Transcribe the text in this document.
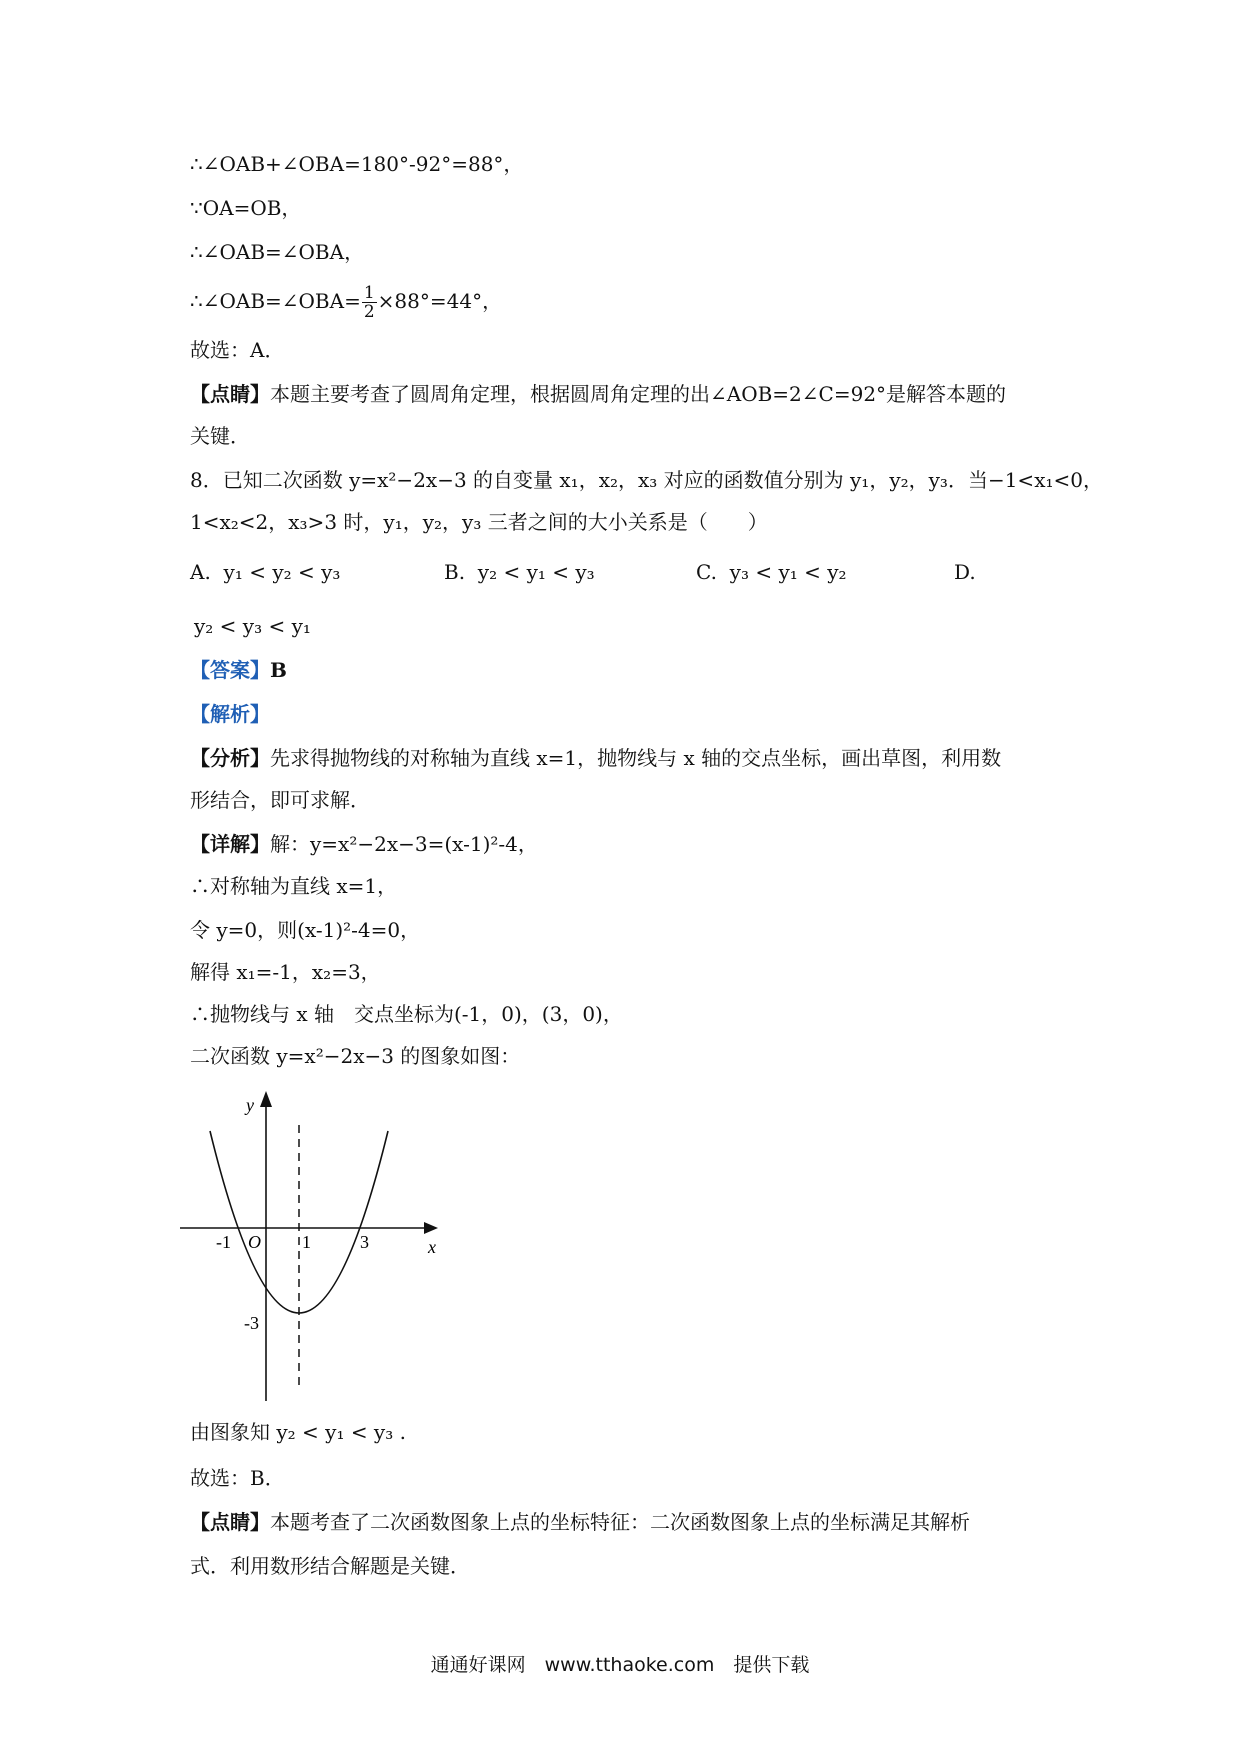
∴∠OAB+∠OBA=180°-92°=88°，
∵OA=OB，
∴∠OAB=∠OBA，
∴∠OAB=∠OBA= $\frac{1}{2} \times 88^\circ=44^\circ$，
故选：A．
【点睛】本题主要考查了圆周角定理，根据圆周角定理的出∠AOB=2∠C=92°是解答本题的
关键．
8．已知二次函数 y=x²−2x−3 的自变量 x₁，x₂，x₃ 对应的函数值分别为 y₁，y₂，y₃．当−1<x₁<0，
1<x₂<2，x₃>3 时，y₁，y₂，y₃ 三者之间的大小关系是（　　）
A. y₁ < y₂ < y₃	B. y₂ < y₁ < y₃	C. y₃ < y₁ < y₂	D.
y₂ < y₃ < y₁
【答案】B
【解析】
【分析】先求得抛物线的对称轴为直线 x=1，抛物线与 x 轴的交点坐标，画出草图，利用数
形结合，即可求解．
【详解】解：y=x²−2x−3=(x-1)²-4，
∴对称轴为直线 x=1，
令 y=0，则(x-1)²-4=0，
解得 x₁=-1，x₂=3，
∴抛物线与 x 轴　交点坐标为(-1，0)，(3，0)，
二次函数 y=x²−2x−3 的图象如图：
y
x
O
-1	1	3
-3
由图象知 y₂ < y₁ < y₃ .
故选：B．
【点睛】本题考查了二次函数图象上点的坐标特征：二次函数图象上点的坐标满足其解析
式．利用数形结合解题是关键．
通通好课网　www.tthaoke.com　提供下载
